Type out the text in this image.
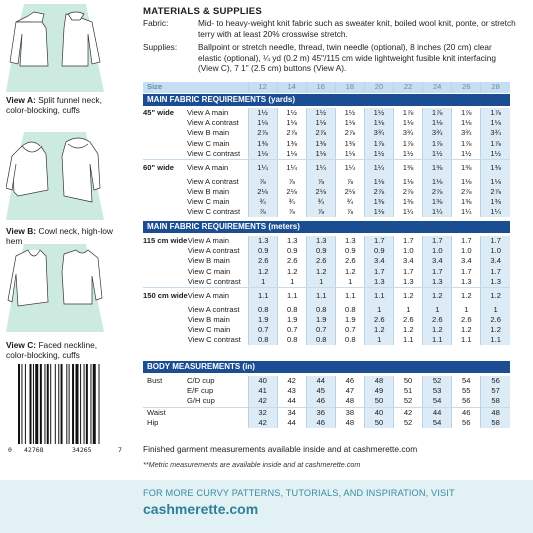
View A: Split funnel neck, color-blocking, cuffs
View B: Cowl neck, high-low hem
View C: Faced neckline, color-blocking, cuffs
0 42768	34265	7
MATERIALS & SUPPLIES
Fabric:	Mid- to heavy-weight knit fabric such as sweater knit, boiled wool knit, ponte, or stretch terry with at least 20% crosswise stretch.
Supplies:	Ballpoint or stretch needle, thread, twin needle (optional), 8 inches (20 cm) clear elastic (optional), ¼ yd (0.2 m) 45"/115 cm wide lightweight fusible knit interfacing (View C), 7 1" (2.5 cm) buttons (View A).
Size		12	14	16	18	20	22	24	26	28
MAIN FABRIC REQUIREMENTS (yards)
45" wide	View A main	1½	1½	1½	1½	1½	1⅞	1⅞	1⅞	1⅞
	View A contrast	1⅛	1⅛	1⅛	1⅛	1⅛	1⅛	1⅛	1⅛	1⅛
	View B main	2⅞	2⅞	2⅞	2⅞	3¾	3¾	3¾	3¾	3¾
	View C main	1⅜	1⅜	1⅜	1⅜	1⅞	1⅞	1⅞	1⅞	1⅞
	View C contrast	1⅛	1⅛	1⅛	1⅛	1½	1½	1½	1½	1½
60" wide	View A main	1¼	1¼	1¼	1¼	1¼	1⅜	1⅜	1⅜	1⅜
	View A contrast	⅞	⅞	⅞	⅞	1⅛	1⅛	1⅛	1⅛	1⅛
	View B main	2⅛	2⅛	2⅛	2⅛	2⅞	2⅞	2⅞	2⅞	2⅞
	View C main	¾	¾	¾	¾	1⅜	1⅜	1⅜	1⅜	1⅜
	View C contrast	⅞	⅞	⅞	⅞	1⅛	1¼	1¼	1¼	1¼
MAIN FABRIC REQUIREMENTS (meters)
115 cm wide	View A main	1.3	1.3	1.3	1.3	1.7	1.7	1.7	1.7	1.7
	View A contrast	0.9	0.9	0.9	0.9	0.9	1.0	1.0	1.0	1.0
	View B main	2.6	2.6	2.6	2.6	3.4	3.4	3.4	3.4	3.4
	View C main	1.2	1.2	1.2	1.2	1.7	1.7	1.7	1.7	1.7
	View C contrast	1	1	1	1	1.3	1.3	1.3	1.3	1.3
150 cm wide	View A main	1.1	1.1	1.1	1.1	1.1	1.2	1.2	1.2	1.2
	View A contrast	0.8	0.8	0.8	0.8	1	1	1	1	1
	View B main	1.9	1.9	1.9	1.9	2.6	2.6	2.6	2.6	2.6
	View C main	0.7	0.7	0.7	0.7	1.2	1.2	1.2	1.2	1.2
	View C contrast	0.8	0.8	0.8	0.8	1	1.1	1.1	1.1	1.1
BODY MEASUREMENTS (in)
Bust	C/D cup	40	42	44	46	48	50	52	54	56
	E/F cup	41	43	45	47	49	51	53	55	57
	G/H cup	42	44	46	48	50	52	54	56	58
Waist		32	34	36	38	40	42	44	46	48
Hip		42	44	46	48	50	52	54	56	58
Finished garment measurements available inside and at cashmerette.com
**Metric measurements are available inside and at cashmerette.com
FOR MORE CURVY PATTERNS, TUTORIALS, AND INSPIRATION, VISIT
cashmerette.com
